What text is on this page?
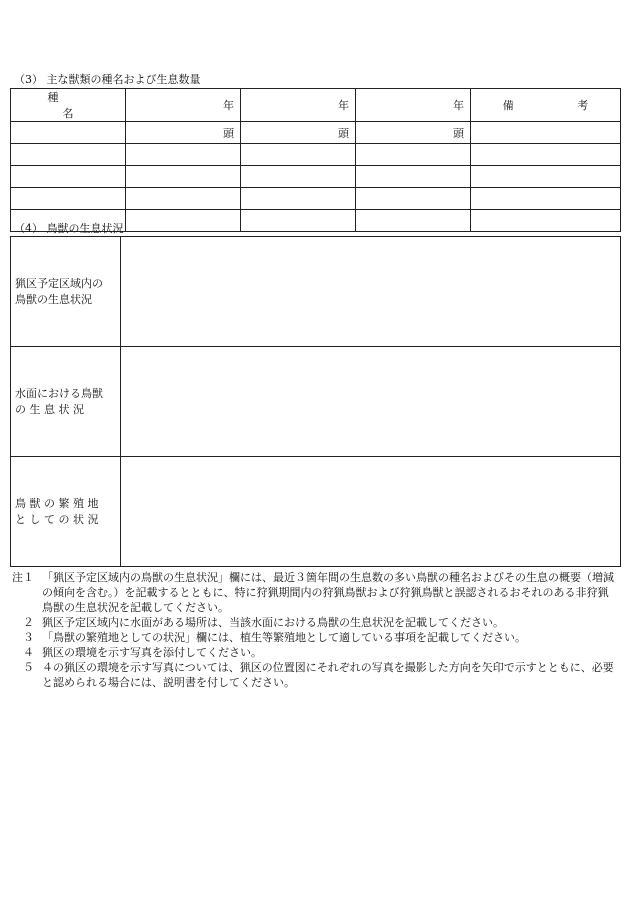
（3） 主な獣類の種名および生息数量
種 名	年	年	年	備 考
	頭	頭	頭	

（4） 鳥獣の生息状況
猟区予定区域内の
鳥獣の生息状況	

水面における鳥獣
の 生 息 状 況	

鳥 獣 の 繁 殖 地
と し て の 状 況	

注１ 「猟区予定区域内の鳥獣の生息状況」欄には、最近３箇年間の生息数の多い鳥獣の種名およびその生息の概要（増減の傾向を含む。）を記載するとともに、特に狩猟期間内の狩猟鳥獣および狩猟鳥獣と誤認されるおそれのある非狩猟鳥獣の生息状況を記載してください。
２ 猟区予定区域内に水面がある場所は、当該水面における鳥獣の生息状況を記載してください。
３ 「鳥獣の繁殖地としての状況」欄には、植生等繁殖地として適している事項を記載してください。
４ 猟区の環境を示す写真を添付してください。
５ ４の猟区の環境を示す写真については、猟区の位置図にそれぞれの写真を撮影した方向を矢印で示すとともに、必要と認められる場合には、説明書を付してください。
